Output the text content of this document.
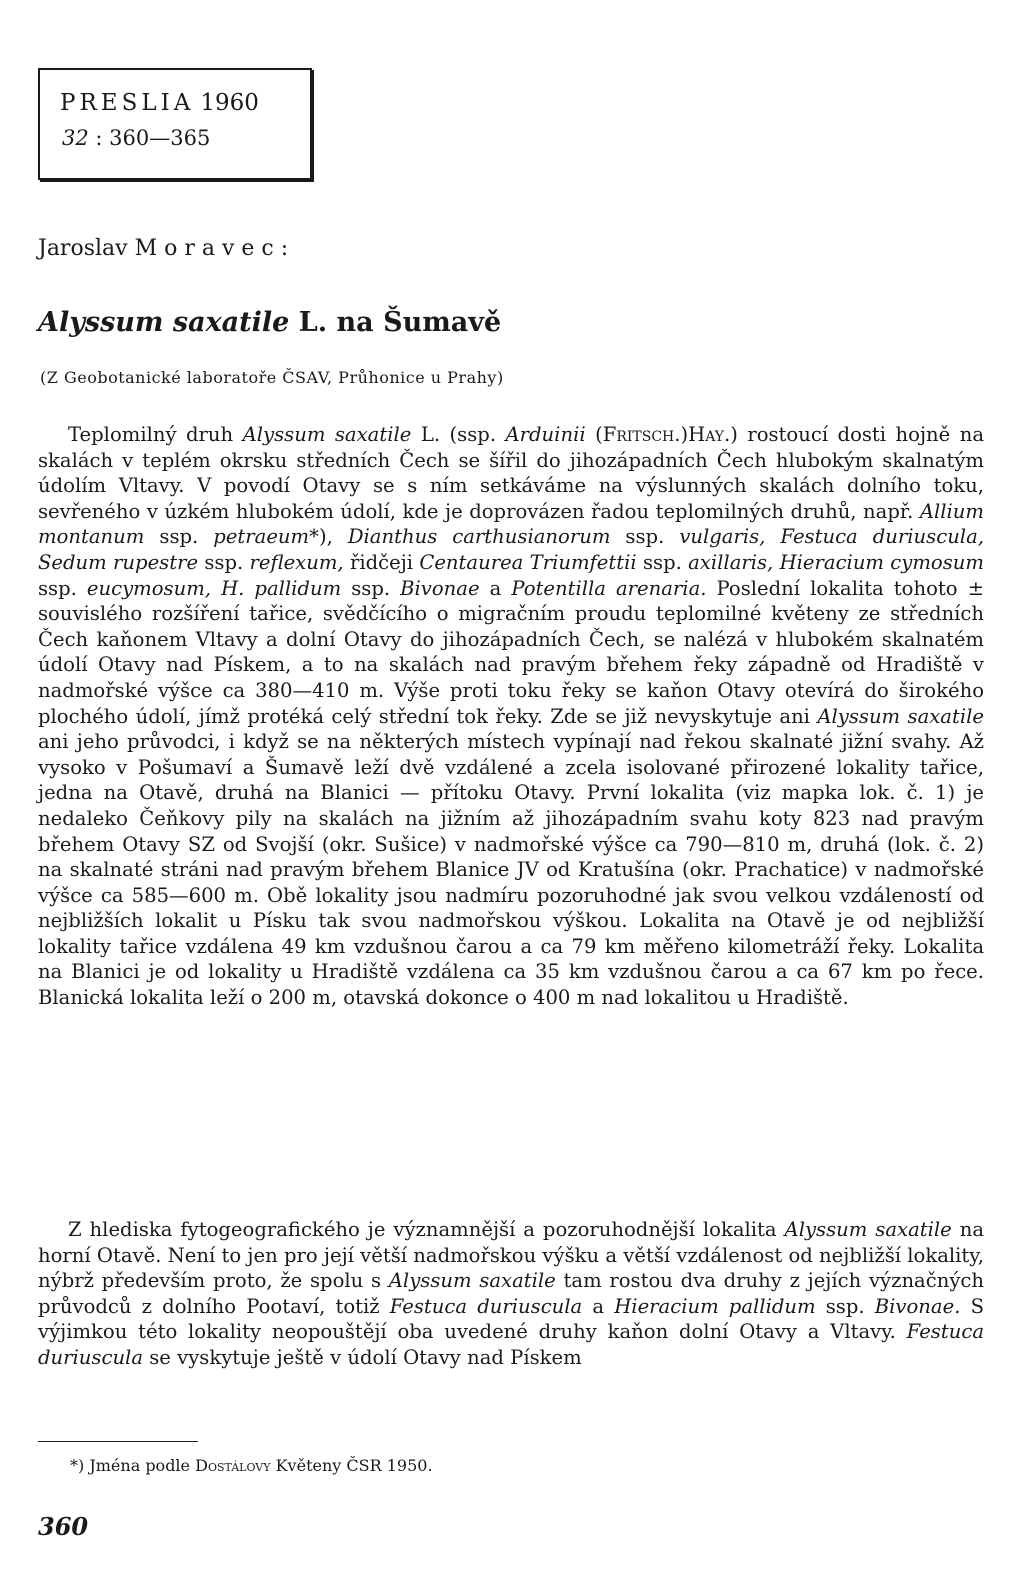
PRESLIA 1960
32 : 360—365
Jaroslav Moravec:
Alyssum saxatile L. na Šumavě
(Z Geobotanické laboratoře ČSAV, Průhonice u Prahy)

Teplomilný druh Alyssum saxatile L. (ssp. Arduinii (Fritsch.)Hay.) rostoucí dosti hojně na skalách v teplém okrsku středních Čech se šířil do jihozápadních Čech hlubokým skalnatým údolím Vltavy. V povodí Otavy se s ním setkáváme na výslunných skalách dolního toku, sevřeného v úzkém hlubokém údolí, kde je doprovázen řadou teplomilných druhů, např. Allium montanum ssp. petraeum*), Dianthus carthusianorum ssp. vulgaris, Festuca duriuscula, Sedum rupestre ssp. reflexum, řidčeji Centaurea Triumfettii ssp. axillaris, Hieracium cymosum ssp. eucymosum, H. pallidum ssp. Bivonae a Potentilla arenaria. Poslední lokalita tohoto ± souvislého rozšíření tařice, svědčícího o migračním proudu teplomilné květeny ze středních Čech kaňonem Vltavy a dolní Otavy do jihozápadních Čech, se nalézá v hlubokém skalnatém údolí Otavy nad Pískem, a to na skalách nad pravým břehem řeky západně od Hradiště v nadmořské výšce ca 380—410 m. Výše proti toku řeky se kaňon Otavy otevírá do širokého plochého údolí, jímž protéká celý střední tok řeky. Zde se již nevyskytuje ani Alyssum saxatile ani jeho průvodci, i když se na některých místech vypínají nad řekou skalnaté jižní svahy. Až vysoko v Pošumaví a Šumavě leží dvě vzdálené a zcela isolované přirozené lokality tařice, jedna na Otavě, druhá na Blanici — přítoku Otavy. První lokalita (viz mapka lok. č. 1) je nedaleko Čeňkovy pily na skalách na jižním až jihozápadním svahu koty 823 nad pravým břehem Otavy SZ od Svojší (okr. Sušice) v nadmořské výšce ca 790—810 m, druhá (lok. č. 2) na skalnaté stráni nad pravým břehem Blanice JV od Kratušína (okr. Prachatice) v nadmořské výšce ca 585—600 m. Obě lokality jsou nadmíru pozoruhodné jak svou velkou vzdáleností od nejbližších lokalit u Písku tak svou nadmořskou výškou. Lokalita na Otavě je od nejbližší lokality tařice vzdálena 49 km vzdušnou čarou a ca 79 km měřeno kilometráží řeky. Lokalita na Blanici je od lokality u Hradiště vzdálena ca 35 km vzdušnou čarou a ca 67 km po řece. Blanická lokalita leží o 200 m, otavská dokonce o 400 m nad lokalitou u Hradiště.

Z hlediska fytogeografického je významnější a pozoruhodnější lokalita Alyssum saxatile na horní Otavě. Není to jen pro její větší nadmořskou výšku a větší vzdálenost od nejbližší lokality, nýbrž především proto, že spolu s Alyssum saxatile tam rostou dva druhy z jejích význačných průvodců z dolního Pootaví, totiž Festuca duriuscula a Hieracium pallidum ssp. Bivonae. S výjimkou této lokality neopouštějí oba uvedené druhy kaňon dolní Otavy a Vltavy. Festuca duriuscula se vyskytuje ještě v údolí Otavy nad Pískem

*) Jména podle Dostálovy Květeny ČSR 1950.
360
